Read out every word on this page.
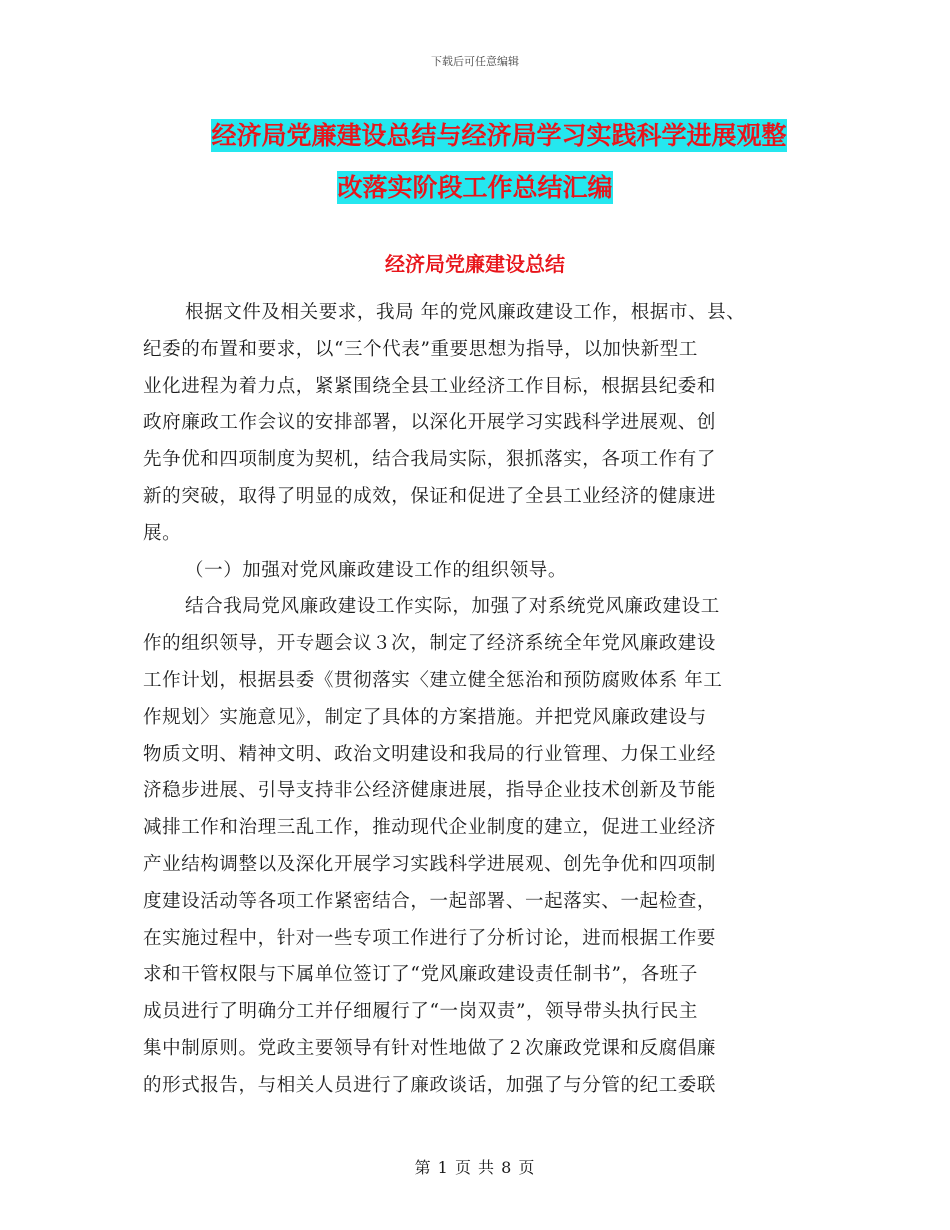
下载后可任意编辑
经济局党廉建设总结与经济局学习实践科学进展观整
改落实阶段工作总结汇编
经济局党廉建设总结
根据文件及相关要求，我局 年的党风廉政建设工作，根据市、县、
纪委的布置和要求，以“三个代表”重要思想为指导，以加快新型工
业化进程为着力点，紧紧围绕全县工业经济工作目标，根据县纪委和
政府廉政工作会议的安排部署，以深化开展学习实践科学进展观、创
先争优和四项制度为契机，结合我局实际，狠抓落实，各项工作有了
新的突破，取得了明显的成效，保证和促进了全县工业经济的健康进
展。
（一）加强对党风廉政建设工作的组织领导。
结合我局党风廉政建设工作实际，加强了对系统党风廉政建设工
作的组织领导，开专题会议３次，制定了经济系统全年党风廉政建设
工作计划，根据县委《贯彻落实〈建立健全惩治和预防腐败体系 年工
作规划〉实施意见》，制定了具体的方案措施。并把党风廉政建设与
物质文明、精神文明、政治文明建设和我局的行业管理、力保工业经
济稳步进展、引导支持非公经济健康进展，指导企业技术创新及节能
减排工作和治理三乱工作，推动现代企业制度的建立，促进工业经济
产业结构调整以及深化开展学习实践科学进展观、创先争优和四项制
度建设活动等各项工作紧密结合，一起部署、一起落实、一起检查，
在实施过程中，针对一些专项工作进行了分析讨论，进而根据工作要
求和干管权限与下属单位签订了“党风廉政建设责任制书”，各班子
成员进行了明确分工并仔细履行了“一岗双责”，领导带头执行民主
集中制原则。党政主要领导有针对性地做了２次廉政党课和反腐倡廉
的形式报告，与相关人员进行了廉政谈话，加强了与分管的纪工委联
第 1 页 共 8 页
